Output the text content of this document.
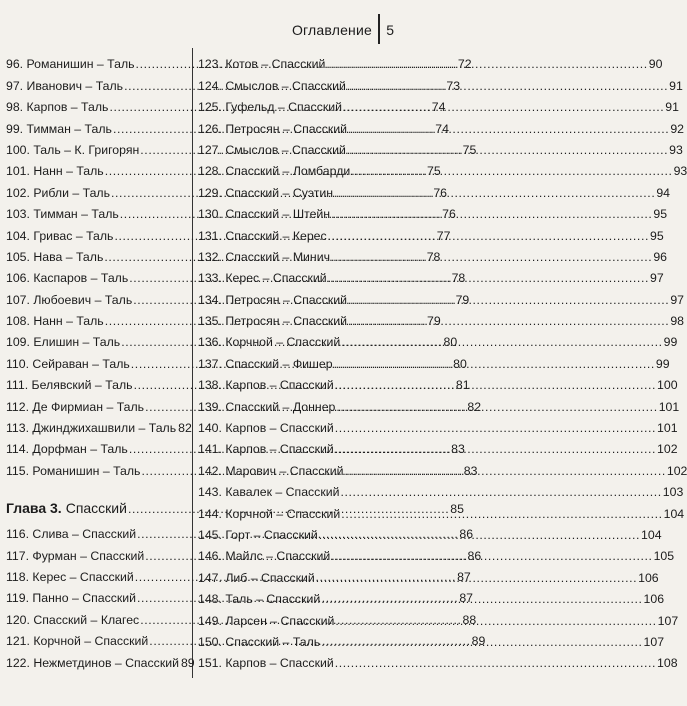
Оглавление 5
96. Романишин – Таль .....	72
97. Иванович – Таль .....	73
98. Карпов – Таль .....	74
99. Тимман – Таль .....	74
100. Таль – К. Григорян .....	75
101. Нанн – Таль .....	75
102. Рибли – Таль .....	76
103. Тимман – Таль .....	76
104. Гривас – Таль .....	77
105. Нава – Таль .....	78
106. Каспаров – Таль .....	78
107. Любоевич – Таль .....	79
108. Нанн – Таль .....	79
109. Елишин – Таль .....	80
110. Сейраван – Таль .....	80
111. Белявский – Таль .....	81
112. Де Фирмиан – Таль .....	82
113. Джинджихашвили – Таль 82
114. Дорфман – Таль .....	83
115. Романишин – Таль .....	83
Глава 3. Спасский .....	85
116. Слива – Спасский .....	86
117. Фурман – Спасский .....	86
118. Керес – Спасский .....	87
119. Панно – Спасский .....	87
120. Спасский – Клагес .....	88
121. Корчной – Спасский .....	89
122. Нежметдинов – Спасский 89
123. Котов – Спасский .....	90
124. Смыслов – Спасский .....	91
125. Гуфельд – Спасский .....	91
126. Петросян – Спасский .....	92
127. Смыслов – Спасский .....	93
128. Спасский – Ломбарди .....	93
129. Спасский – Суэтин .....	94
130. Спасский – Штейн .....	95
131. Спасский – Керес .....	95
132. Спасский – Минич .....	96
133. Керес – Спасский .....	97
134. Петросян – Спасский .....	97
135. Петросян – Спасский .....	98
136. Корчной – Спасский .....	99
137. Спасский – Фишер .....	99
138. Карпов – Спасский .....	100
139. Спасский – Доннер .....	101
140. Карпов – Спасский .....	101
141. Карпов – Спасский .....	102
142. Марович – Спасский .....	102
143. Кавалек – Спасский .....	103
144. Корчной – Спасский .....	104
145. Горт – Спасский .....	104
146. Майлс – Спасский .....	105
147. Либ – Спасский .....	106
148. Таль – Спасский .....	106
149. Ларсен – Спасский .....	107
150. Спасский – Таль .....	107
151. Карпов – Спасский .....	108
